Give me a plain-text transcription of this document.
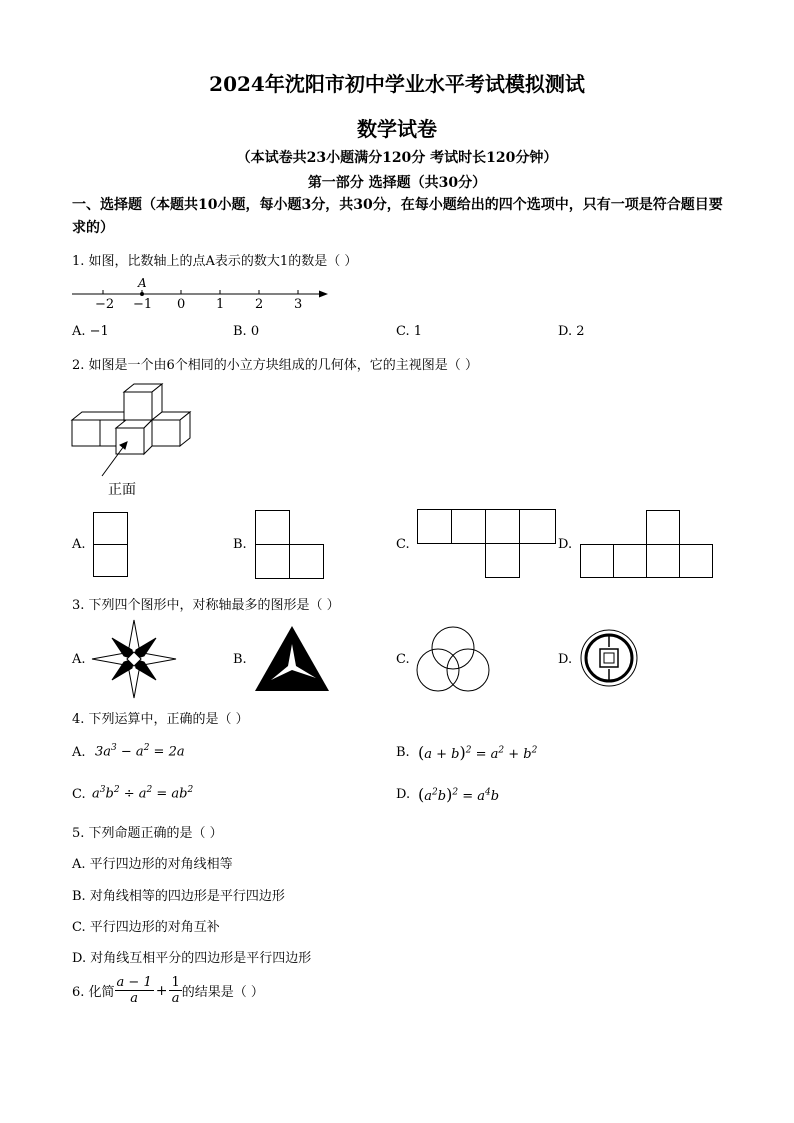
2024年沈阳市初中学业水平考试模拟测试
数学试卷
（本试卷共23小题满分120分 考试时长120分钟）
第一部分 选择题（共30分）
一、选择题（本题共10小题，每小题3分，共30分，在每小题给出的四个选项中，只有一项是符合题目要求的）
1. 如图，比数轴上的点A表示的数大1的数是（ ）
A
−2 −1 0 1 2 3
A. −1	B. 0	C. 1	D. 2
2. 如图是一个由6个相同的小立方块组成的几何体，它的主视图是（ ）
正面
A.	B.	C.	D.
3. 下列四个图形中，对称轴最多的图形是（ ）
A.	B.	C.	D.
4. 下列运算中，正确的是（ ）
A. $3a^3 - a^2 = 2a$	B. $(a + b)^2 = a^2 + b^2$
C. $a^3b^2 \div a^2 = ab^2$	D. $(a^2b)^2 = a^4b$
5. 下列命题正确的是（ ）
A. 平行四边形的对角线相等
B. 对角线相等的四边形是平行四边形
C. 平行四边形的对角互补
D. 对角线互相平分的四边形是平行四边形
6. 化简 $\frac{a - 1}{a} + \frac{1}{a}$ 的结果是（ ）
